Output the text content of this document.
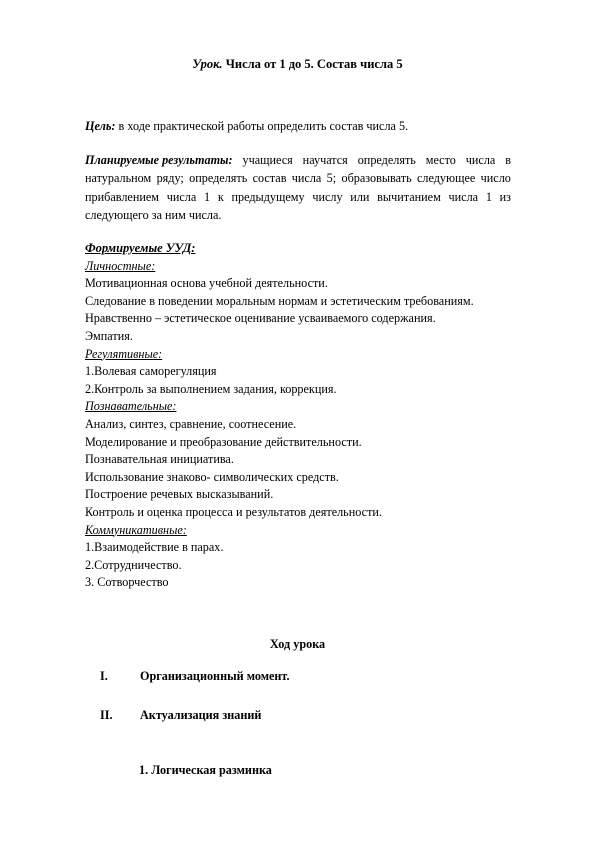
Урок. Числа от 1 до 5. Состав числа 5
Цель: в ходе практической работы определить состав числа 5.
Планируемые результаты: учащиеся научатся определять место числа в
натуральном ряду; определять состав числа 5; образовывать следующее число
прибавлением числа 1 к предыдущему числу или вычитанием числа 1 из
следующего за ним числа.
Формируемые УУД:
Личностные:
Мотивационная основа учебной деятельности.
Следование в поведении моральным нормам и эстетическим требованиям.
Нравственно – эстетическое оценивание усваиваемого содержания.
Эмпатия.
Регулятивные:
1.Волевая саморегуляция
2.Контроль за выполнением задания, коррекция.
Познавательные:
Анализ, синтез, сравнение, соотнесение.
Моделирование и преобразование действительности.
Познавательная инициатива.
Использование знаково- символических средств.
Построение речевых высказываний.
Контроль и оценка процесса и результатов деятельности.
Коммуникативные:
1.Взаимодействие в парах.
2.Сотрудничество.
3. Сотворчество
Ход урока
I.	Организационный момент.
II. Актуализация знаний
1. Логическая разминка
